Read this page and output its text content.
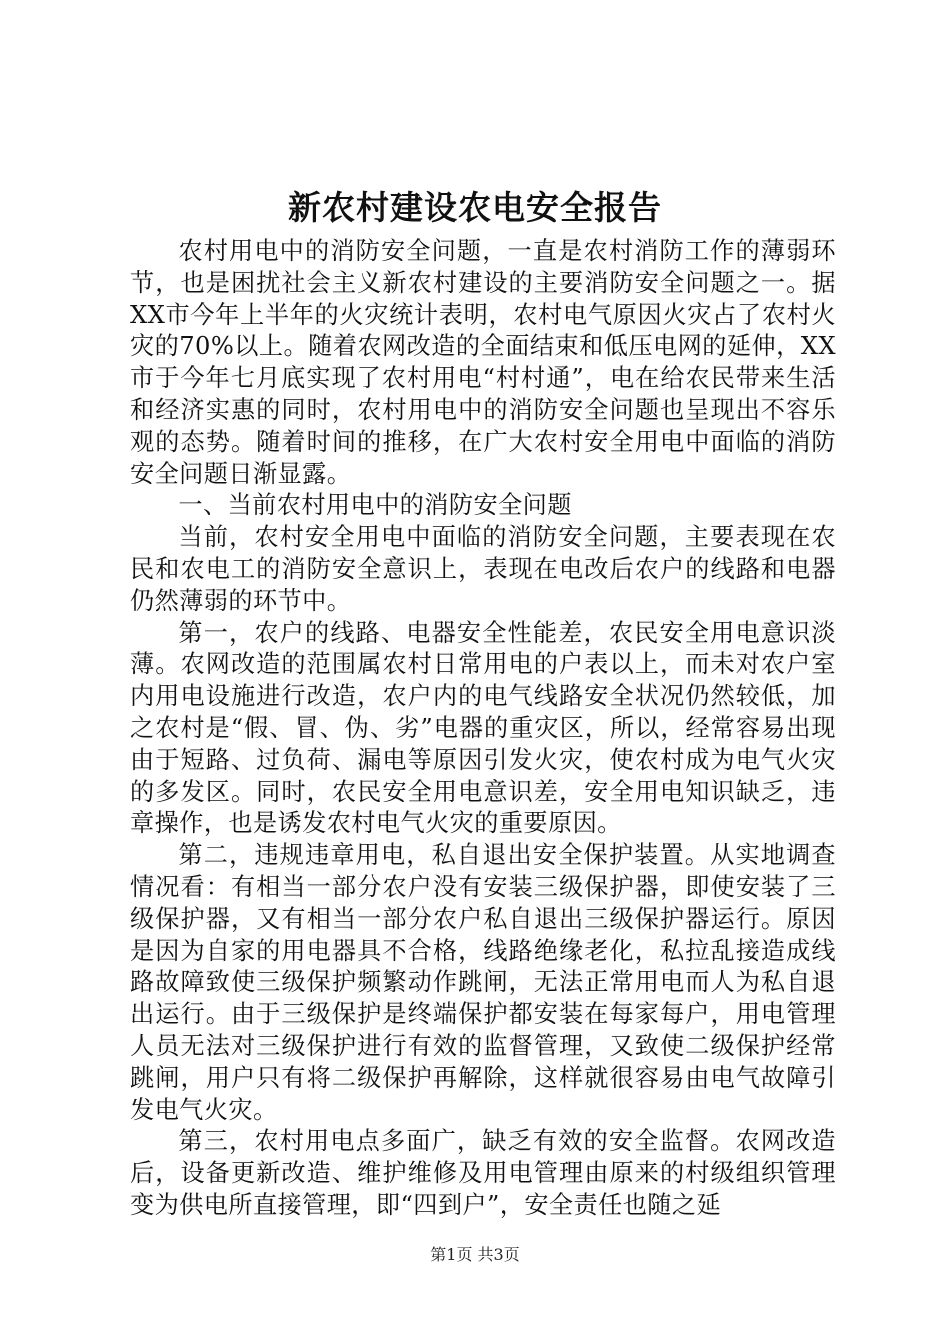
新农村建设农电安全报告

农村用电中的消防安全问题，一直是农村消防工作的薄弱环节，也是困扰社会主义新农村建设的主要消防安全问题之一。据XX市今年上半年的火灾统计表明，农村电气原因火灾占了农村火灾的70%以上。随着农网改造的全面结束和低压电网的延伸，XX市于今年七月底实现了农村用电“村村通”，电在给农民带来生活和经济实惠的同时，农村用电中的消防安全问题也呈现出不容乐观的态势。随着时间的推移，在广大农村安全用电中面临的消防安全问题日渐显露。

一、当前农村用电中的消防安全问题

当前，农村安全用电中面临的消防安全问题，主要表现在农民和农电工的消防安全意识上，表现在电改后农户的线路和电器仍然薄弱的环节中。

第一，农户的线路、电器安全性能差，农民安全用电意识淡薄。农网改造的范围属农村日常用电的户表以上，而未对农户室内用电设施进行改造，农户内的电气线路安全状况仍然较低，加之农村是“假、冒、伪、劣”电器的重灾区，所以，经常容易出现由于短路、过负荷、漏电等原因引发火灾，使农村成为电气火灾的多发区。同时，农民安全用电意识差，安全用电知识缺乏，违章操作，也是诱发农村电气火灾的重要原因。

第二，违规违章用电，私自退出安全保护装置。从实地调查情况看：有相当一部分农户没有安装三级保护器，即使安装了三级保护器，又有相当一部分农户私自退出三级保护器运行。原因是因为自家的用电器具不合格，线路绝缘老化，私拉乱接造成线路故障致使三级保护频繁动作跳闸，无法正常用电而人为私自退出运行。由于三级保护是终端保护都安装在每家每户，用电管理人员无法对三级保护进行有效的监督管理，又致使二级保护经常跳闸，用户只有将二级保护再解除，这样就很容易由电气故障引发电气火灾。

第三，农村用电点多面广，缺乏有效的安全监督。农网改造后，设备更新改造、维护维修及用电管理由原来的村级组织管理变为供电所直接管理，即“四到户”，安全责任也随之延

第1页 共3页
